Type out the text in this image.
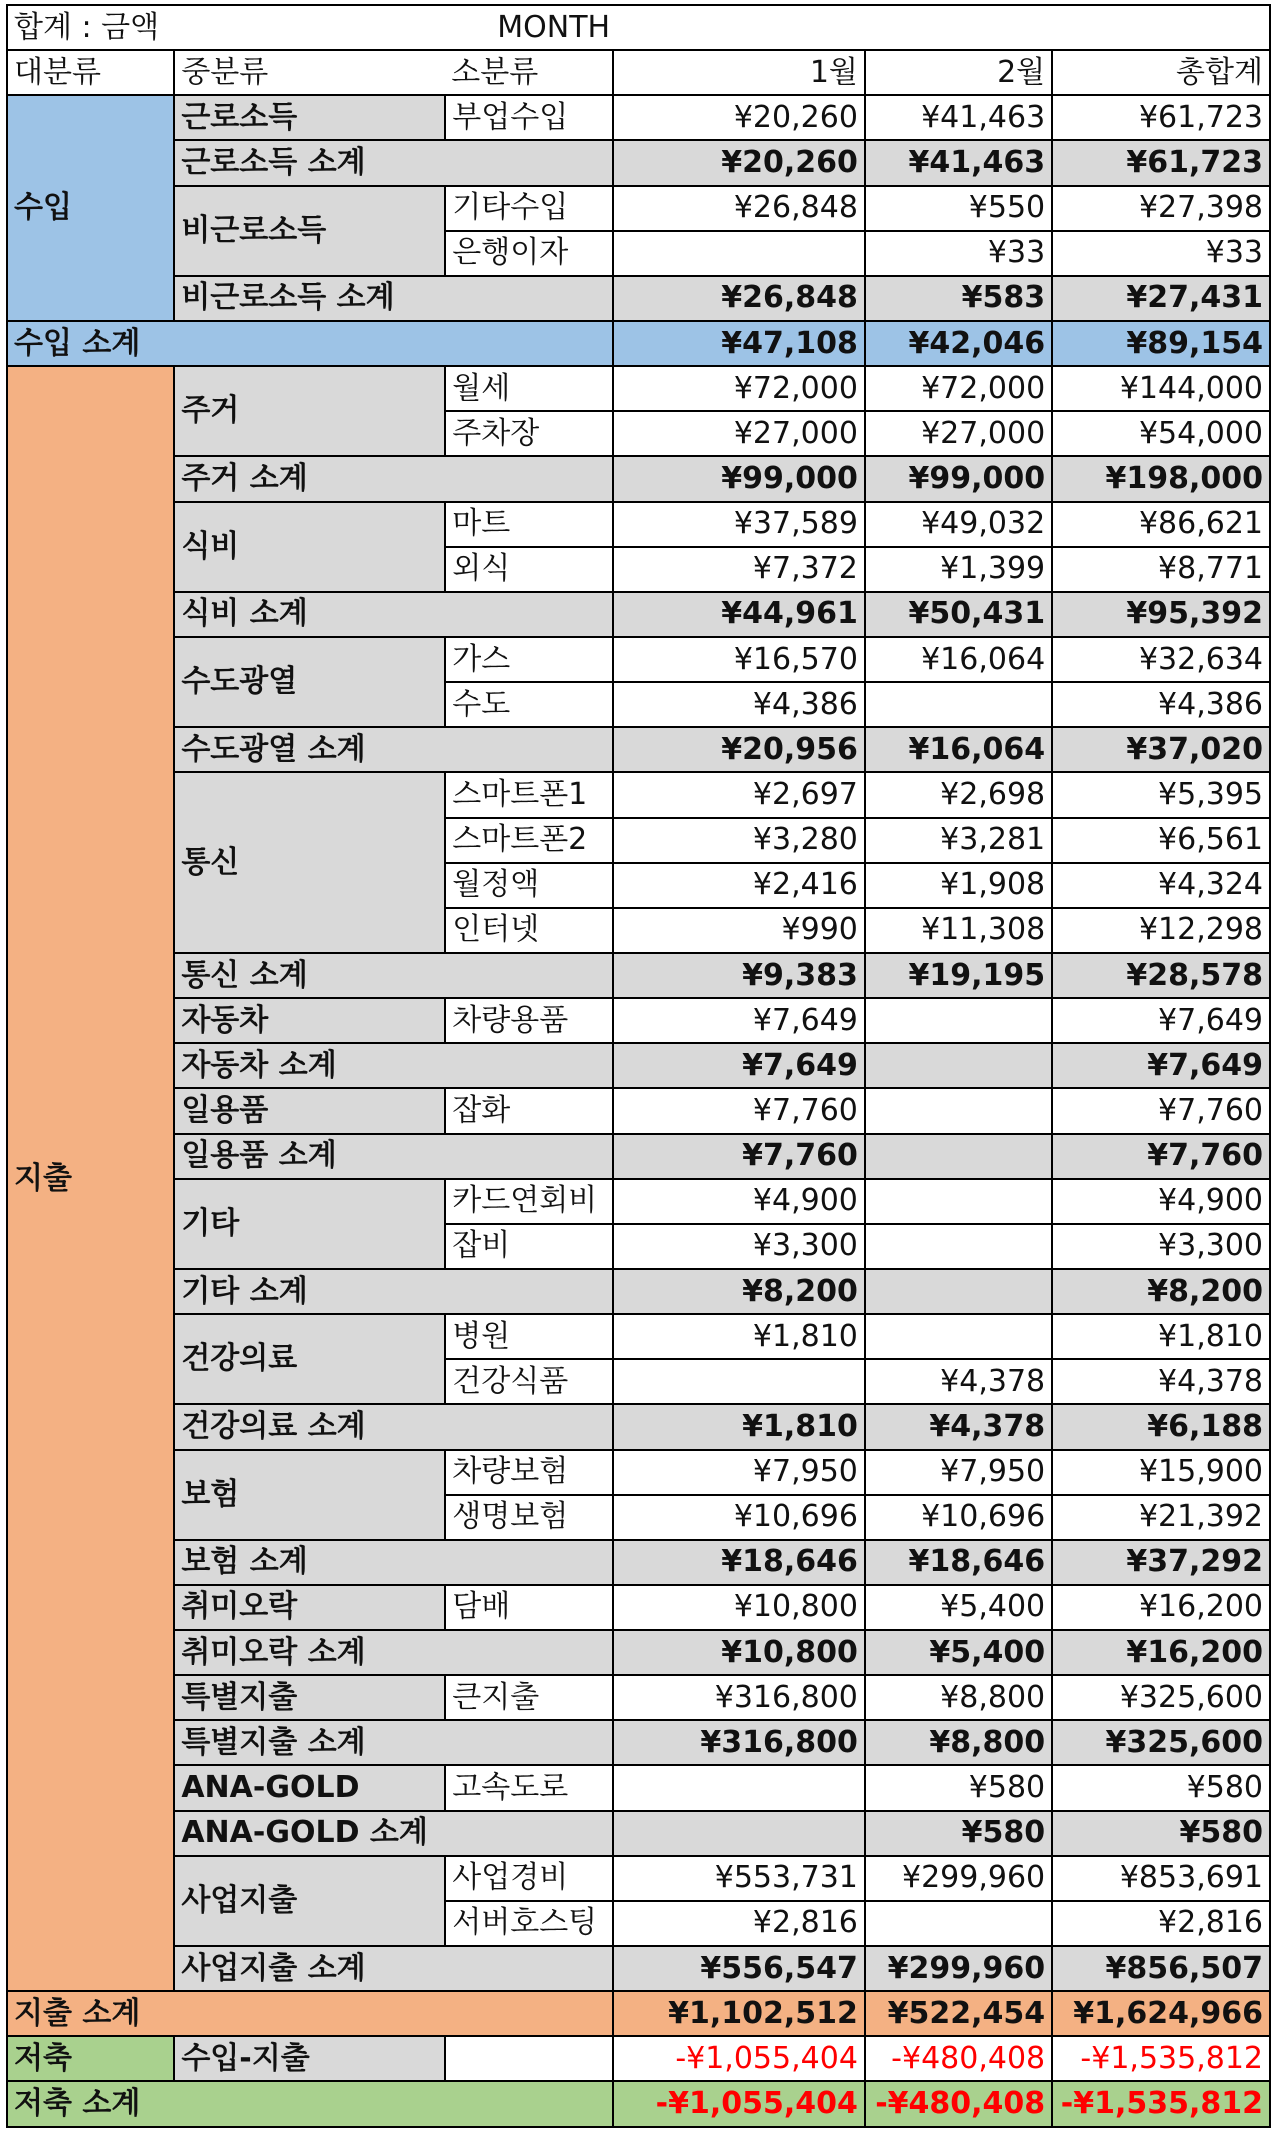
합계 : 금액		MONTH			
대분류	중분류	소분류	1월	2월	총합계
수입	근로소득	부업수입	¥20,260	¥41,463	¥61,723
	근로소득 소계		¥20,260	¥41,463	¥61,723
	비근로소득	기타수입	¥26,848	¥550	¥27,398
		은행이자		¥33	¥33
	비근로소득 소계		¥26,848	¥583	¥27,431
수입 소계			¥47,108	¥42,046	¥89,154
지출	주거	월세	¥72,000	¥72,000	¥144,000
		주차장	¥27,000	¥27,000	¥54,000
	주거 소계		¥99,000	¥99,000	¥198,000
	식비	마트	¥37,589	¥49,032	¥86,621
		외식	¥7,372	¥1,399	¥8,771
	식비 소계		¥44,961	¥50,431	¥95,392
	수도광열	가스	¥16,570	¥16,064	¥32,634
		수도	¥4,386		¥4,386
	수도광열 소계		¥20,956	¥16,064	¥37,020
	통신	스마트폰1	¥2,697	¥2,698	¥5,395
		스마트폰2	¥3,280	¥3,281	¥6,561
		월정액	¥2,416	¥1,908	¥4,324
		인터넷	¥990	¥11,308	¥12,298
	통신 소계		¥9,383	¥19,195	¥28,578
	자동차	차량용품	¥7,649		¥7,649
	자동차 소계		¥7,649		¥7,649
	일용품	잡화	¥7,760		¥7,760
	일용품 소계		¥7,760		¥7,760
	기타	카드연회비	¥4,900		¥4,900
		잡비	¥3,300		¥3,300
	기타 소계		¥8,200		¥8,200
	건강의료	병원	¥1,810		¥1,810
		건강식품		¥4,378	¥4,378
	건강의료 소계		¥1,810	¥4,378	¥6,188
	보험	차량보험	¥7,950	¥7,950	¥15,900
		생명보험	¥10,696	¥10,696	¥21,392
	보험 소계		¥18,646	¥18,646	¥37,292
	취미오락	담배	¥10,800	¥5,400	¥16,200
	취미오락 소계		¥10,800	¥5,400	¥16,200
	특별지출	큰지출	¥316,800	¥8,800	¥325,600
	특별지출 소계		¥316,800	¥8,800	¥325,600
	ANA-GOLD	고속도로		¥580	¥580
	ANA-GOLD 소계			¥580	¥580
	사업지출	사업경비	¥553,731	¥299,960	¥853,691
		서버호스팅	¥2,816		¥2,816
	사업지출 소계		¥556,547	¥299,960	¥856,507
지출 소계			¥1,102,512	¥522,454	¥1,624,966
저축	수입-지출		-¥1,055,404	-¥480,408	-¥1,535,812
저축 소계			-¥1,055,404	-¥480,408	-¥1,535,812
